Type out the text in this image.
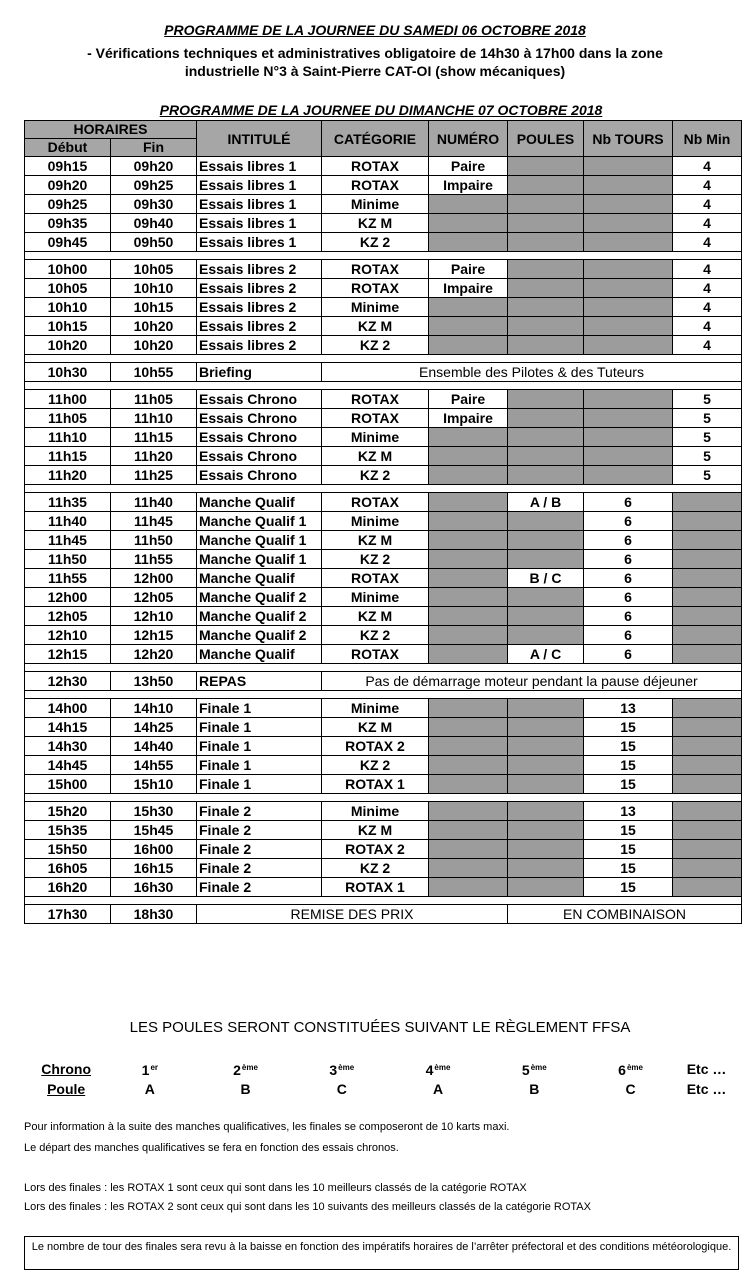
PROGRAMME DE LA JOURNEE DU SAMEDI 06 OCTOBRE 2018
- Vérifications techniques et administratives obligatoire de 14h30 à 17h00 dans la zone
industrielle N°3 à Saint-Pierre CAT-OI (show mécaniques)
PROGRAMME DE LA JOURNEE DU DIMANCHE 07 OCTOBRE 2018
HORAIRES		INTITULÉ	CATÉGORIE	NUMÉRO	POULES	Nb TOURS	Nb Min
Début	Fin						
09h15	09h20	Essais libres 1	ROTAX	Paire			4
09h20	09h25	Essais libres 1	ROTAX	Impaire			4
09h25	09h30	Essais libres 1	Minime				4
09h35	09h40	Essais libres 1	KZ M				4
09h45	09h50	Essais libres 1	KZ 2				4

10h00	10h05	Essais libres 2	ROTAX	Paire			4
10h05	10h10	Essais libres 2	ROTAX	Impaire			4
10h10	10h15	Essais libres 2	Minime				4
10h15	10h20	Essais libres 2	KZ M				4
10h20	10h20	Essais libres 2	KZ 2				4

10h30	10h55	Briefing	Ensemble des Pilotes & des Tuteurs				

11h00	11h05	Essais Chrono	ROTAX	Paire			5
11h05	11h10	Essais Chrono	ROTAX	Impaire			5
11h10	11h15	Essais Chrono	Minime				5
11h15	11h20	Essais Chrono	KZ M				5
11h20	11h25	Essais Chrono	KZ 2				5

11h35	11h40	Manche Qualif	ROTAX		A / B	6	
11h40	11h45	Manche Qualif 1	Minime			6	
11h45	11h50	Manche Qualif 1	KZ M			6	
11h50	11h55	Manche Qualif 1	KZ 2			6	
11h55	12h00	Manche Qualif	ROTAX		B / C	6	
12h00	12h05	Manche Qualif 2	Minime			6	
12h05	12h10	Manche Qualif 2	KZ M			6	
12h10	12h15	Manche Qualif 2	KZ 2			6	
12h15	12h20	Manche Qualif	ROTAX		A / C	6	

12h30	13h50	REPAS	Pas de démarrage moteur pendant la pause déjeuner				

14h00	14h10	Finale 1	Minime			13	
14h15	14h25	Finale 1	KZ M			15	
14h30	14h40	Finale 1	ROTAX 2			15	
14h45	14h55	Finale 1	KZ 2			15	
15h00	15h10	Finale 1	ROTAX 1			15	

15h20	15h30	Finale 2	Minime			13	
15h35	15h45	Finale 2	KZ M			15	
15h50	16h00	Finale 2	ROTAX 2			15	
16h05	16h15	Finale 2	KZ 2			15	
16h20	16h30	Finale 2	ROTAX 1			15	

17h30	18h30	REMISE DES PRIX			EN COMBINAISON		
LES POULES SERONT CONSTITUÉES SUIVANT LE RÈGLEMENT FFSA
Chrono	1er	2ème	3ème	4ème	5ème	6ème	Etc …
Poule	A	B	C	A	B	C	Etc …
Pour information à la suite des manches qualificatives, les finales se composeront de 10 karts maxi.
Le départ des manches qualificatives se fera en fonction des essais chronos.
Lors des finales : les ROTAX 1 sont ceux qui sont dans les 10 meilleurs classés de la catégorie ROTAX
Lors des finales : les ROTAX 2 sont ceux qui sont dans les 10 suivants des meilleurs classés de la catégorie ROTAX
Le nombre de tour des finales sera revu à la baisse en fonction des impératifs horaires de l’arrêter préfectoral et des conditions météorologique.
